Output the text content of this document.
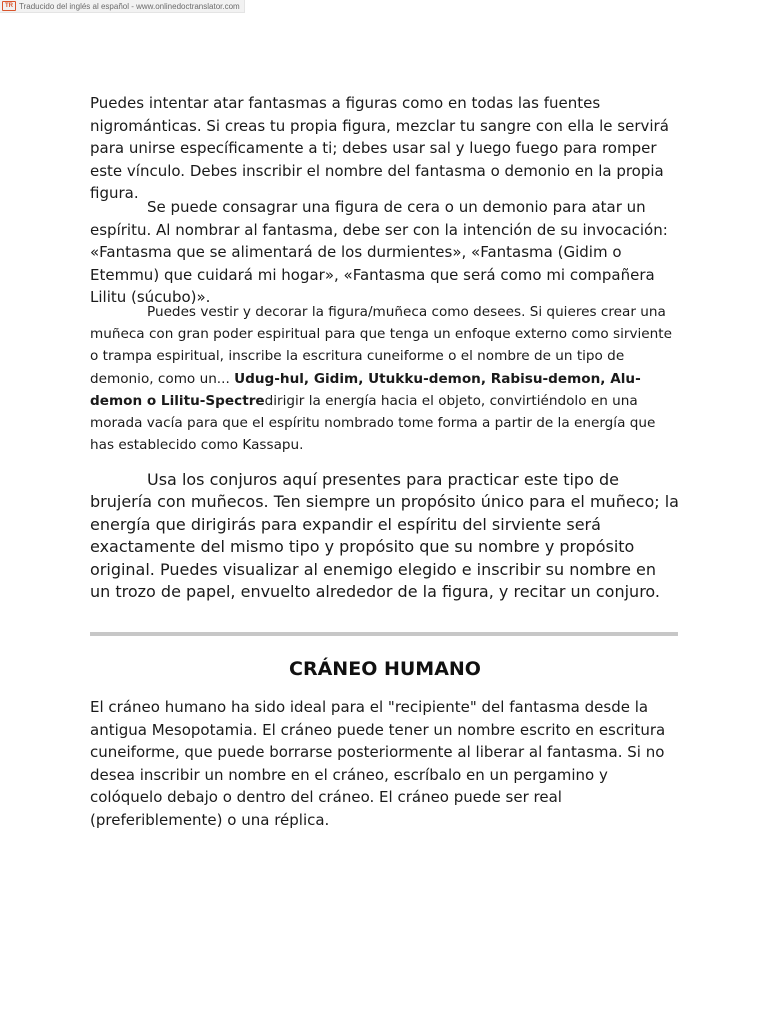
TR Traducido del inglés al español - www.onlinedoctranslator.com

Puedes intentar atar fantasmas a figuras como en todas las fuentes nigrománticas. Si creas tu propia figura, mezclar tu sangre con ella le servirá para unirse específicamente a ti; debes usar sal y luego fuego para romper este vínculo. Debes inscribir el nombre del fantasma o demonio en la propia figura.

Se puede consagrar una figura de cera o un demonio para atar un espíritu. Al nombrar al fantasma, debe ser con la intención de su invocación: «Fantasma que se alimentará de los durmientes», «Fantasma (Gidim o Etemmu) que cuidará mi hogar», «Fantasma que será como mi compañera Lilitu (súcubo)».

Puedes vestir y decorar la figura/muñeca como desees. Si quieres crear una muñeca con gran poder espiritual para que tenga un enfoque externo como sirviente o trampa espiritual, inscribe la escritura cuneiforme o el nombre de un tipo de demonio, como un... Udug-hul, Gidim, Utukku-demon, Rabisu-demon, Alu-demon o Lilitu-Spectredirigir la energía hacia el objeto, convirtiéndolo en una morada vacía para que el espíritu nombrado tome forma a partir de la energía que has establecido como Kassapu.

Usa los conjuros aquí presentes para practicar este tipo de brujería con muñecos. Ten siempre un propósito único para el muñeco; la energía que dirigirás para expandir el espíritu del sirviente será exactamente del mismo tipo y propósito que su nombre y propósito original. Puedes visualizar al enemigo elegido e inscribir su nombre en un trozo de papel, envuelto alrededor de la figura, y recitar un conjuro.

CRÁNEO HUMANO

El cráneo humano ha sido ideal para el "recipiente" del fantasma desde la antigua Mesopotamia. El cráneo puede tener un nombre escrito en escritura cuneiforme, que puede borrarse posteriormente al liberar al fantasma. Si no desea inscribir un nombre en el cráneo, escríbalo en un pergamino y colóquelo debajo o dentro del cráneo. El cráneo puede ser real (preferiblemente) o una réplica.
